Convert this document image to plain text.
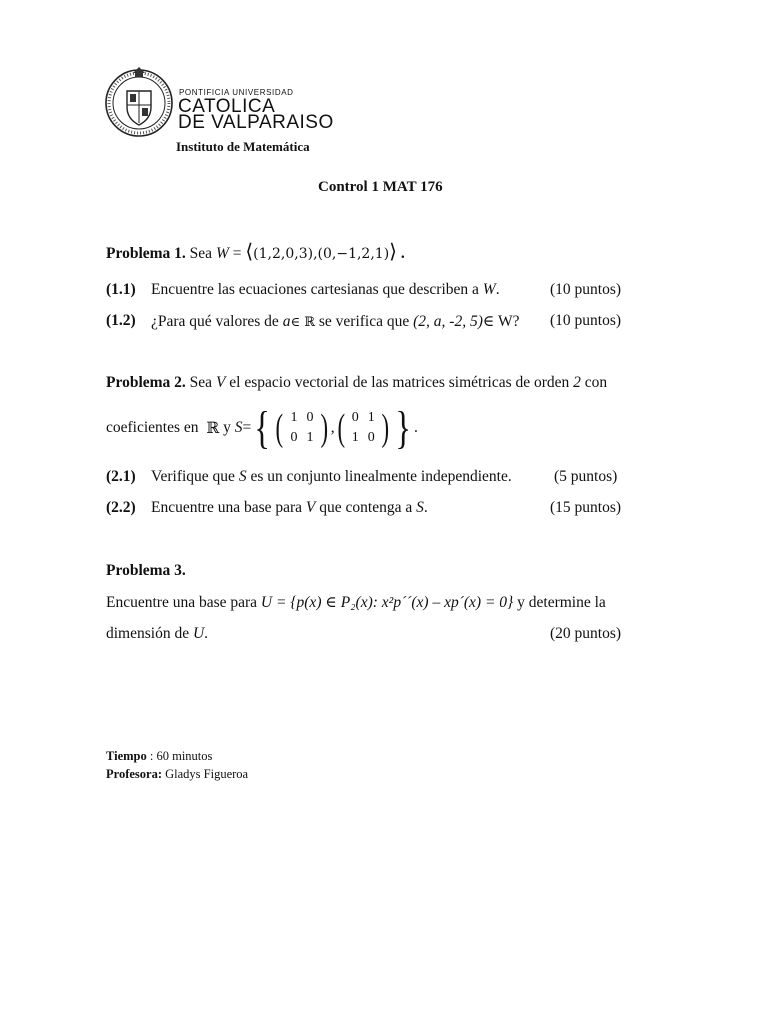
PONTIFICIA UNIVERSIDAD
CATOLICA
DE VALPARAISO
Instituto de Matemática
Control 1 MAT 176
Problema 1. Sea W = ⟨(1,2,0,3),(0,−1,2,1)⟩ .
(1.1) Encuentre las ecuaciones cartesianas que describen a W.	(10 puntos)
(1.2) ¿Para qué valores de a∈ ℝ se verifica que (2, a, -2, 5)∈ W? (10 puntos)
Problema 2. Sea V el espacio vectorial de las matrices simétricas de orden 2 con
coeficientes en
ℝ
y
S = { ( 1 0
0 1 ) , ( 0 1
1 0 ) } .
(2.1) Verifique que S es un conjunto linealmente independiente.	(5 puntos)
(2.2) Encuentre una base para V que contenga a S.	(15 puntos)
Problema 3.
Encuentre una base para U = {p(x) ∈ P₂(x): x²p´´(x) – xp´(x) = 0} y determine la
dimensión de U.	(20 puntos)
Tiempo : 60 minutos
Profesora: Gladys Figueroa
